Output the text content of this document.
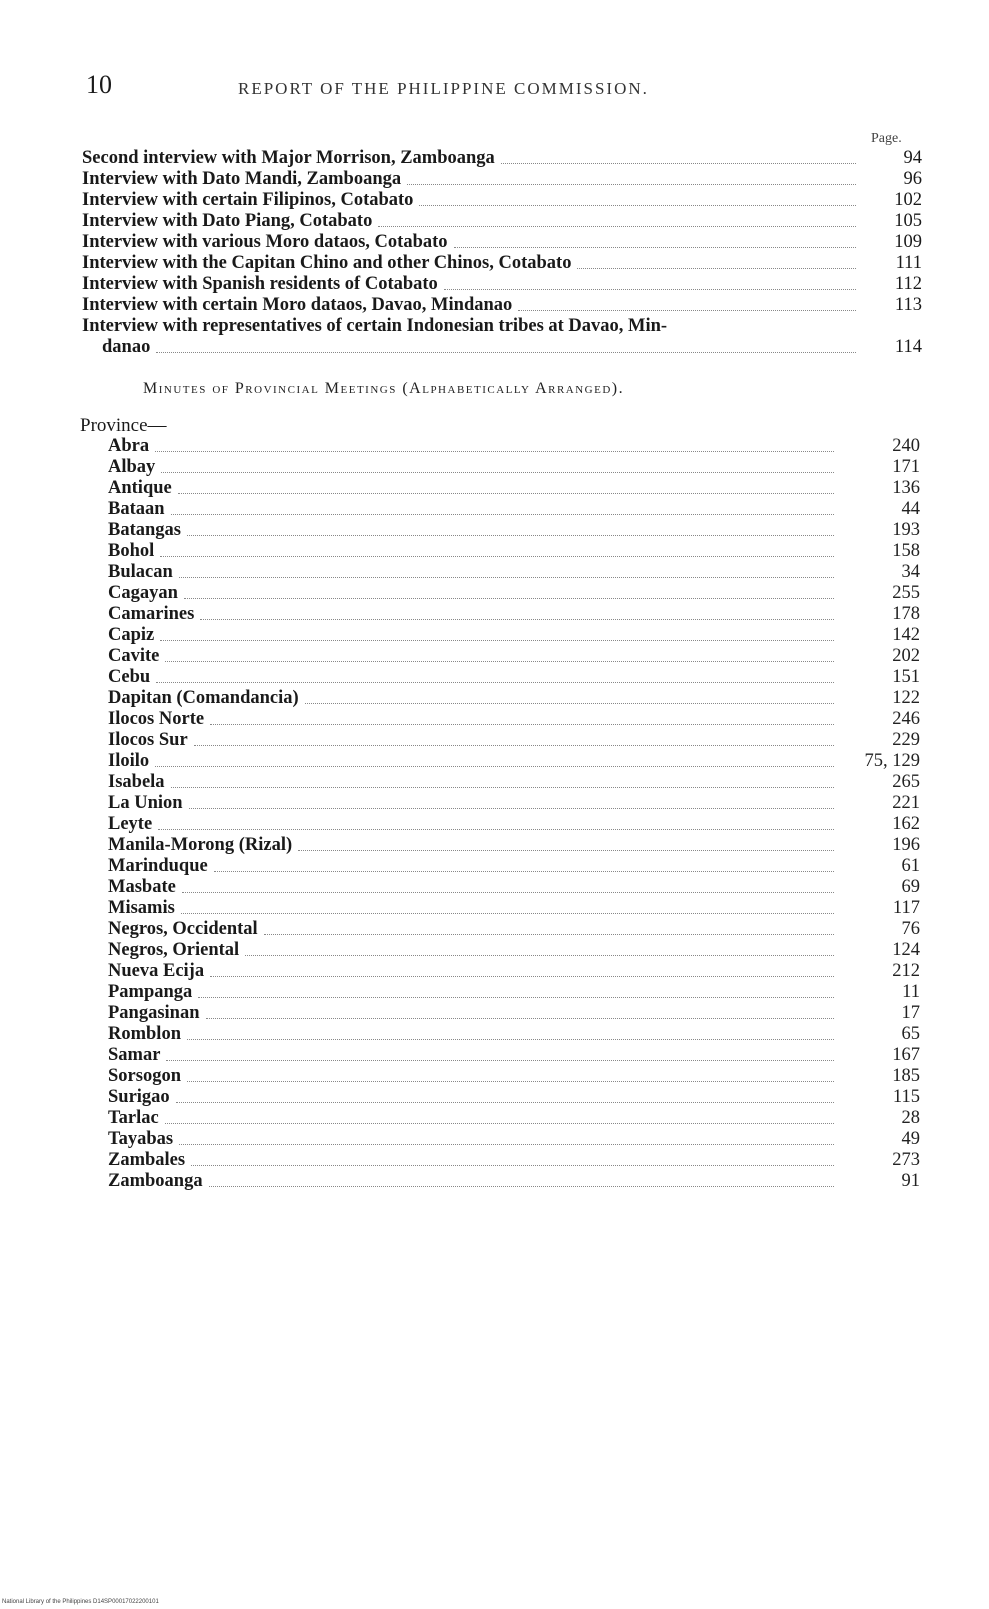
10	REPORT OF THE PHILIPPINE COMMISSION.
Page.
Second interview with Major Morrison, Zamboanga	94
Interview with Dato Mandi, Zamboanga	96
Interview with certain Filipinos, Cotabato	102
Interview with Dato Piang, Cotabato	105
Interview with various Moro dataos, Cotabato	109
Interview with the Capitan Chino and other Chinos, Cotabato	111
Interview with Spanish residents of Cotabato	112
Interview with certain Moro dataos, Davao, Mindanao	113
Interview with representatives of certain Indonesian tribes at Davao, Min-
danao	114
Minutes of Provincial Meetings (Alphabetically Arranged).
Province—
Abra	240
Albay	171
Antique	136
Bataan	44
Batangas	193
Bohol	158
Bulacan	34
Cagayan	255
Camarines	178
Capiz	142
Cavite	202
Cebu	151
Dapitan (Comandancia)	122
Ilocos Norte	246
Ilocos Sur	229
Iloilo	75, 129
Isabela	265
La Union	221
Leyte	162
Manila-Morong (Rizal)	196
Marinduque	61
Masbate	69
Misamis	117
Negros, Occidental	76
Negros, Oriental	124
Nueva Ecija	212
Pampanga	11
Pangasinan	17
Romblon	65
Samar	167
Sorsogon	185
Surigao	115
Tarlac	28
Tayabas	49
Zambales	273
Zamboanga	91
National Library of the Philippines D14SP00017022200101
